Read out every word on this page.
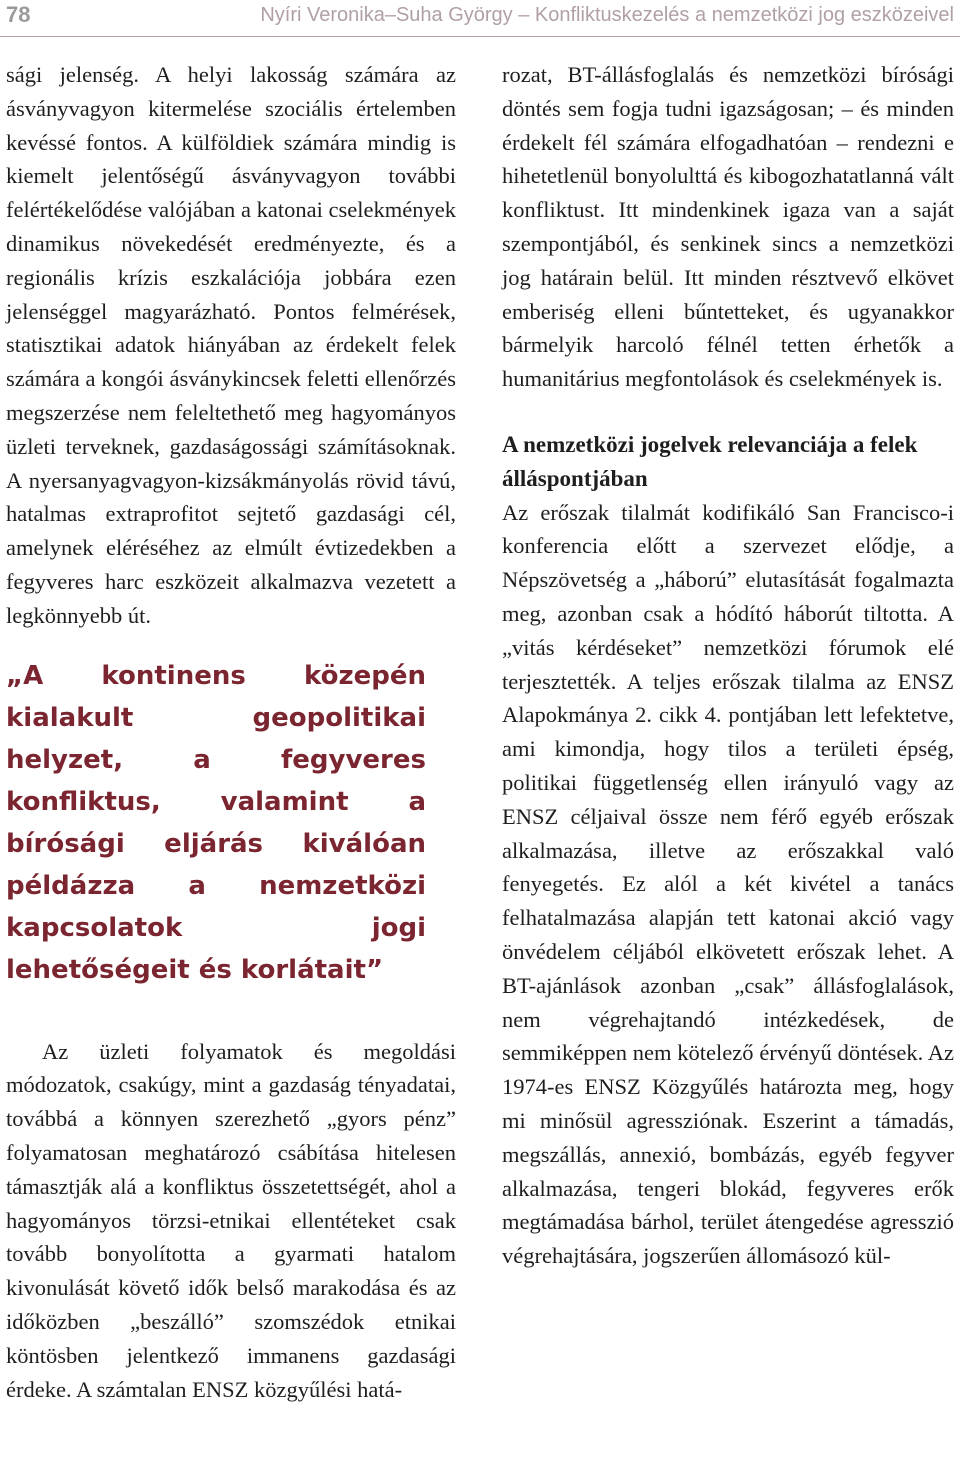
78	Nyíri Veronika–Suha György – Konfliktuskezelés a nemzetközi jog eszközeivel

sági jelenség. A helyi lakosság számára az ásványvagyon kitermelése szociális értelemben kevéssé fontos. A külföldiek számára mindig is kiemelt jelentőségű ásványvagyon további felértékelődése valójában a katonai cselekmények dinamikus növekedését eredményezte, és a regionális krízis eszkalációja jobbára ezen jelenséggel magyarázható. Pontos felmérések, statisztikai adatok hiányában az érdekelt felek számára a kongói ásványkincsek feletti ellenőrzés megszerzése nem feleltethető meg hagyományos üzleti terveknek, gazdaságossági számításoknak. A nyersanyagvagyon-kizsákmányolás rövid távú, hatalmas extraprofitot sejtető gazdasági cél, amelynek eléréséhez az elmúlt évtizedekben a fegyveres harc eszközeit alkalmazva vezetett a legkönnyebb út.

„A kontinens közepén kialakult geopolitikai helyzet, a fegyveres konfliktus, valamint a bírósági eljárás kiválóan példázza a nemzetközi kapcsolatok jogi lehetőségeit és korlátait”

Az üzleti folyamatok és megoldási módozatok, csakúgy, mint a gazdaság tényadatai, továbbá a könnyen szerezhető „gyors pénz” folyamatosan meghatározó csábítása hitelesen támasztják alá a konfliktus összetettségét, ahol a hagyományos törzsi-etnikai ellentéteket csak tovább bonyolította a gyarmati hatalom kivonulását követő idők belső marakodása és az időközben „beszálló” szomszédok etnikai köntösben jelentkező immanens gazdasági érdeke. A számtalan ENSZ közgyűlési hatá-

rozat, BT-állásfoglalás és nemzetközi bírósági döntés sem fogja tudni igazságosan; – és minden érdekelt fél számára elfogadhatóan – rendezni e hihetetlenül bonyolulttá és kibogozhatatlanná vált konfliktust. Itt mindenkinek igaza van a saját szempontjából, és senkinek sincs a nemzetközi jog határain belül. Itt minden résztvevő elkövet emberiség elleni bűntetteket, és ugyanakkor bármelyik harcoló félnél tetten érhetők a humanitárius megfontolások és cselekmények is.

A nemzetközi jogelvek relevanciája a felek álláspontjában

Az erőszak tilalmát kodifikáló San Francisco-i konferencia előtt a szervezet elődje, a Népszövetség a „háború” elutasítását fogalmazta meg, azonban csak a hódító háborút tiltotta. A „vitás kérdéseket” nemzetközi fórumok elé terjesztették. A teljes erőszak tilalma az ENSZ Alapokmánya 2. cikk 4. pontjában lett lefektetve, ami kimondja, hogy tilos a területi épség, politikai függetlenség ellen irányuló vagy az ENSZ céljaival össze nem férő egyéb erőszak alkalmazása, illetve az erőszakkal való fenyegetés. Ez alól a két kivétel a tanács felhatalmazása alapján tett katonai akció vagy önvédelem céljából elkövetett erőszak lehet. A BT-ajánlások azonban „csak” állásfoglalások, nem végrehajtandó intézkedések, de semmiképpen nem kötelező érvényű döntések. Az 1974-es ENSZ Közgyűlés határozta meg, hogy mi minősül agressziónak. Eszerint a támadás, megszállás, annexió, bombázás, egyéb fegyver alkalmazása, tengeri blokád, fegyveres erők megtámadása bárhol, terület átengedése agresszió végrehajtására, jogszerűen állomásozó kül-
